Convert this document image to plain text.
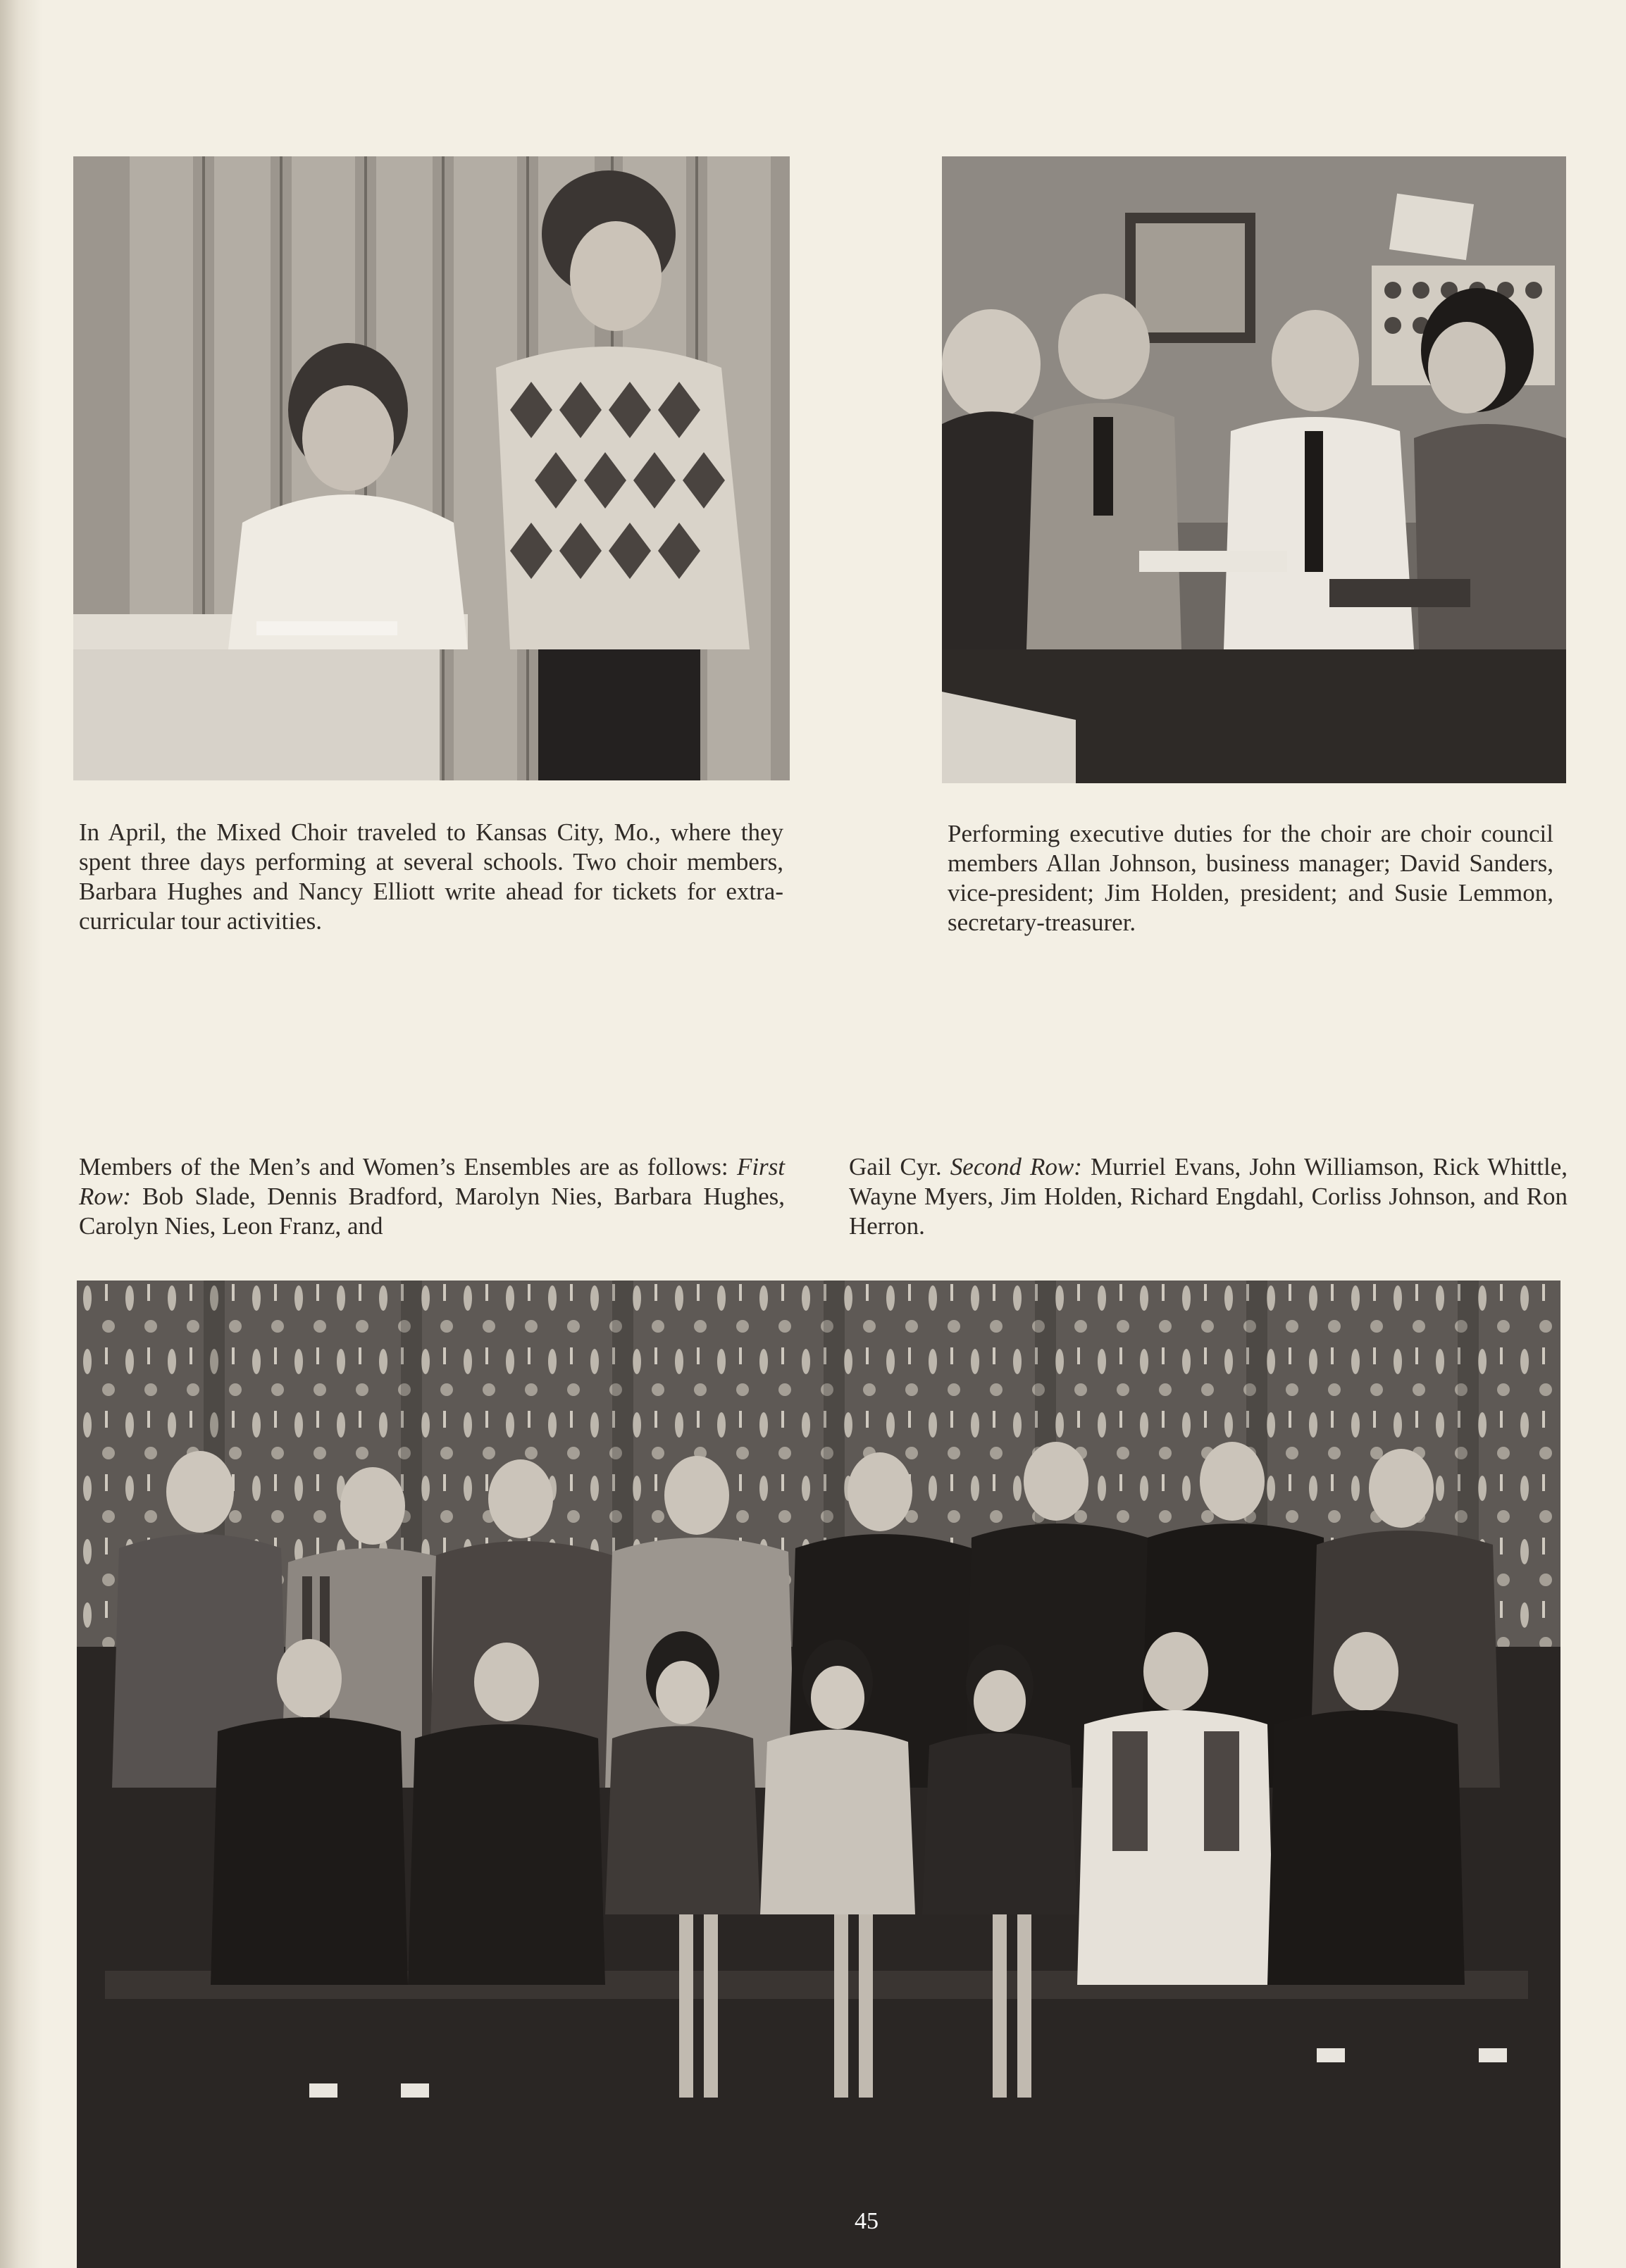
In April, the Mixed Choir traveled to Kansas City, Mo., where they spent three days performing at several schools. Two choir members, Barbara Hughes and Nancy Elliott write ahead for tickets for extra-curricular tour activities.

Performing executive duties for the choir are choir council members Allan Johnson, business manager; David Sanders, vice-president; Jim Holden, president; and Susie Lemmon, secretary-treasurer.

Members of the Men’s and Women’s Ensembles are as follows: First Row: Bob Slade, Dennis Bradford, Marolyn Nies, Barbara Hughes, Carolyn Nies, Leon Franz, and

Gail Cyr. Second Row: Murriel Evans, John Williamson, Rick Whittle, Wayne Myers, Jim Holden, Richard Engdahl, Corliss Johnson, and Ron Herron.

45
